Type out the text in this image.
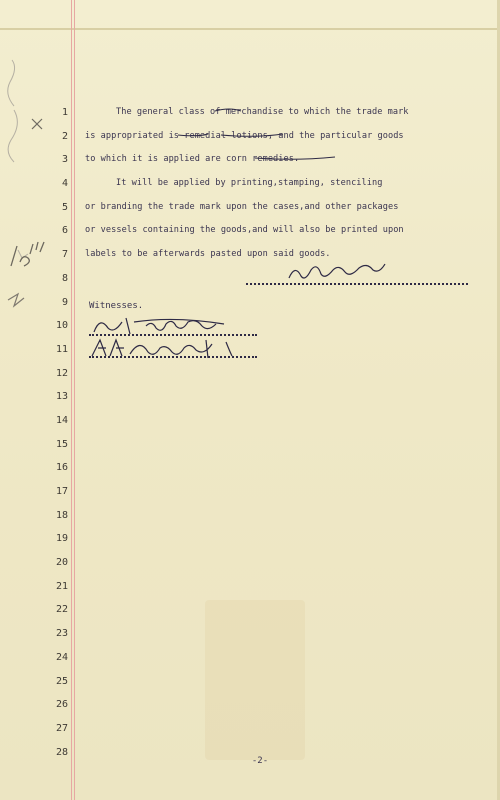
1
2
3
4
5
6
7
8
9
10
11
12
13
14
15
16
17
18
19
20
21
22
23
24
25
26
27
28
The general class of merchandise to which the trade mark
is appropriated is remedial lotions, and the particular goods
to which it is applied are corn remedies.
It will be applied by printing,stamping, stenciling
or branding the trade mark upon the cases,and other packages
or vessels containing the goods,and will also be printed upon
labels to be afterwards pasted upon said goods.
Witnesses.
-2-
